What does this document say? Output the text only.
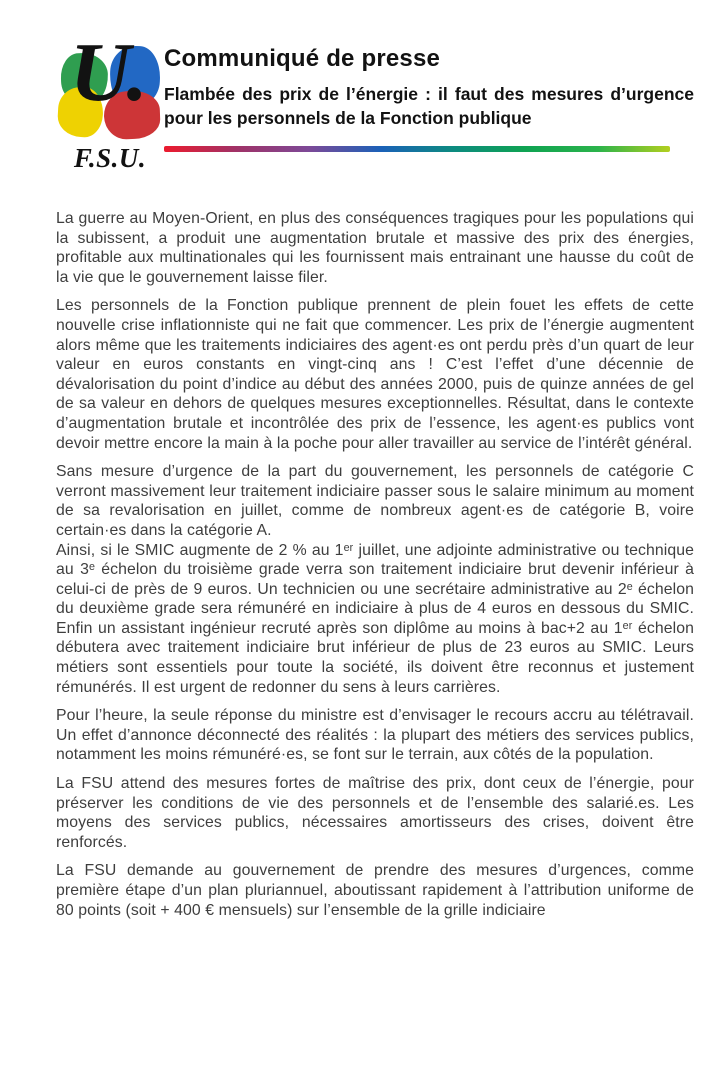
U.
F.S.U.
Communiqué de presse
Flambée des prix de l’énergie : il faut des mesures d’urgence pour les personnels de la Fonction publique

La guerre au Moyen-Orient, en plus des conséquences tragiques pour les populations qui la subissent, a produit une augmentation brutale et massive des prix des énergies, profitable aux multinationales qui les fournissent mais entrainant une hausse du coût de la vie que le gouvernement laisse filer.

Les personnels de la Fonction publique prennent de plein fouet les effets de cette nouvelle crise inflationniste qui ne fait que commencer. Les prix de l’énergie augmentent alors même que les traitements indiciaires des agent·es ont perdu près d’un quart de leur valeur en euros constants en vingt-cinq ans ! C’est l’effet d’une décennie de dévalorisation du point d’indice au début des années 2000, puis de quinze années de gel de sa valeur en dehors de quelques mesures exceptionnelles. Résultat, dans le contexte d’augmentation brutale et incontrôlée des prix de l’essence, les agent·es publics vont devoir mettre encore la main à la poche pour aller travailler au service de l’intérêt général.

Sans mesure d’urgence de la part du gouvernement, les personnels de catégorie C verront massivement leur traitement indiciaire passer sous le salaire minimum au moment de sa revalorisation en juillet, comme de nombreux agent·es de catégorie B, voire certain·es dans la catégorie A.

Ainsi, si le SMIC augmente de 2 % au 1ᵉʳ juillet, une adjointe administrative ou technique au 3ᵉ échelon du troisième grade verra son traitement indiciaire brut devenir inférieur à celui-ci de près de 9 euros. Un technicien ou une secrétaire administrative au 2ᵉ échelon du deuxième grade sera rémunéré en indiciaire à plus de 4 euros en dessous du SMIC. Enfin un assistant ingénieur recruté après son diplôme au moins à bac+2 au 1ᵉʳ échelon débutera avec traitement indiciaire brut inférieur de plus de 23 euros au SMIC. Leurs métiers sont essentiels pour toute la société, ils doivent être reconnus et justement rémunérés. Il est urgent de redonner du sens à leurs carrières.

Pour l’heure, la seule réponse du ministre est d’envisager le recours accru au télétravail. Un effet d’annonce déconnecté des réalités : la plupart des métiers des services publics, notamment les moins rémunéré·es, se font sur le terrain, aux côtés de la population.

La FSU attend des mesures fortes de maîtrise des prix, dont ceux de l’énergie, pour préserver les conditions de vie des personnels et de l’ensemble des salarié.es. Les moyens des services publics, nécessaires amortisseurs des crises, doivent être renforcés.

La FSU demande au gouvernement de prendre des mesures d’urgences, comme première étape d’un plan pluriannuel, aboutissant rapidement à l’attribution uniforme de 80 points (soit + 400 € mensuels) sur l’ensemble de la grille indiciaire
